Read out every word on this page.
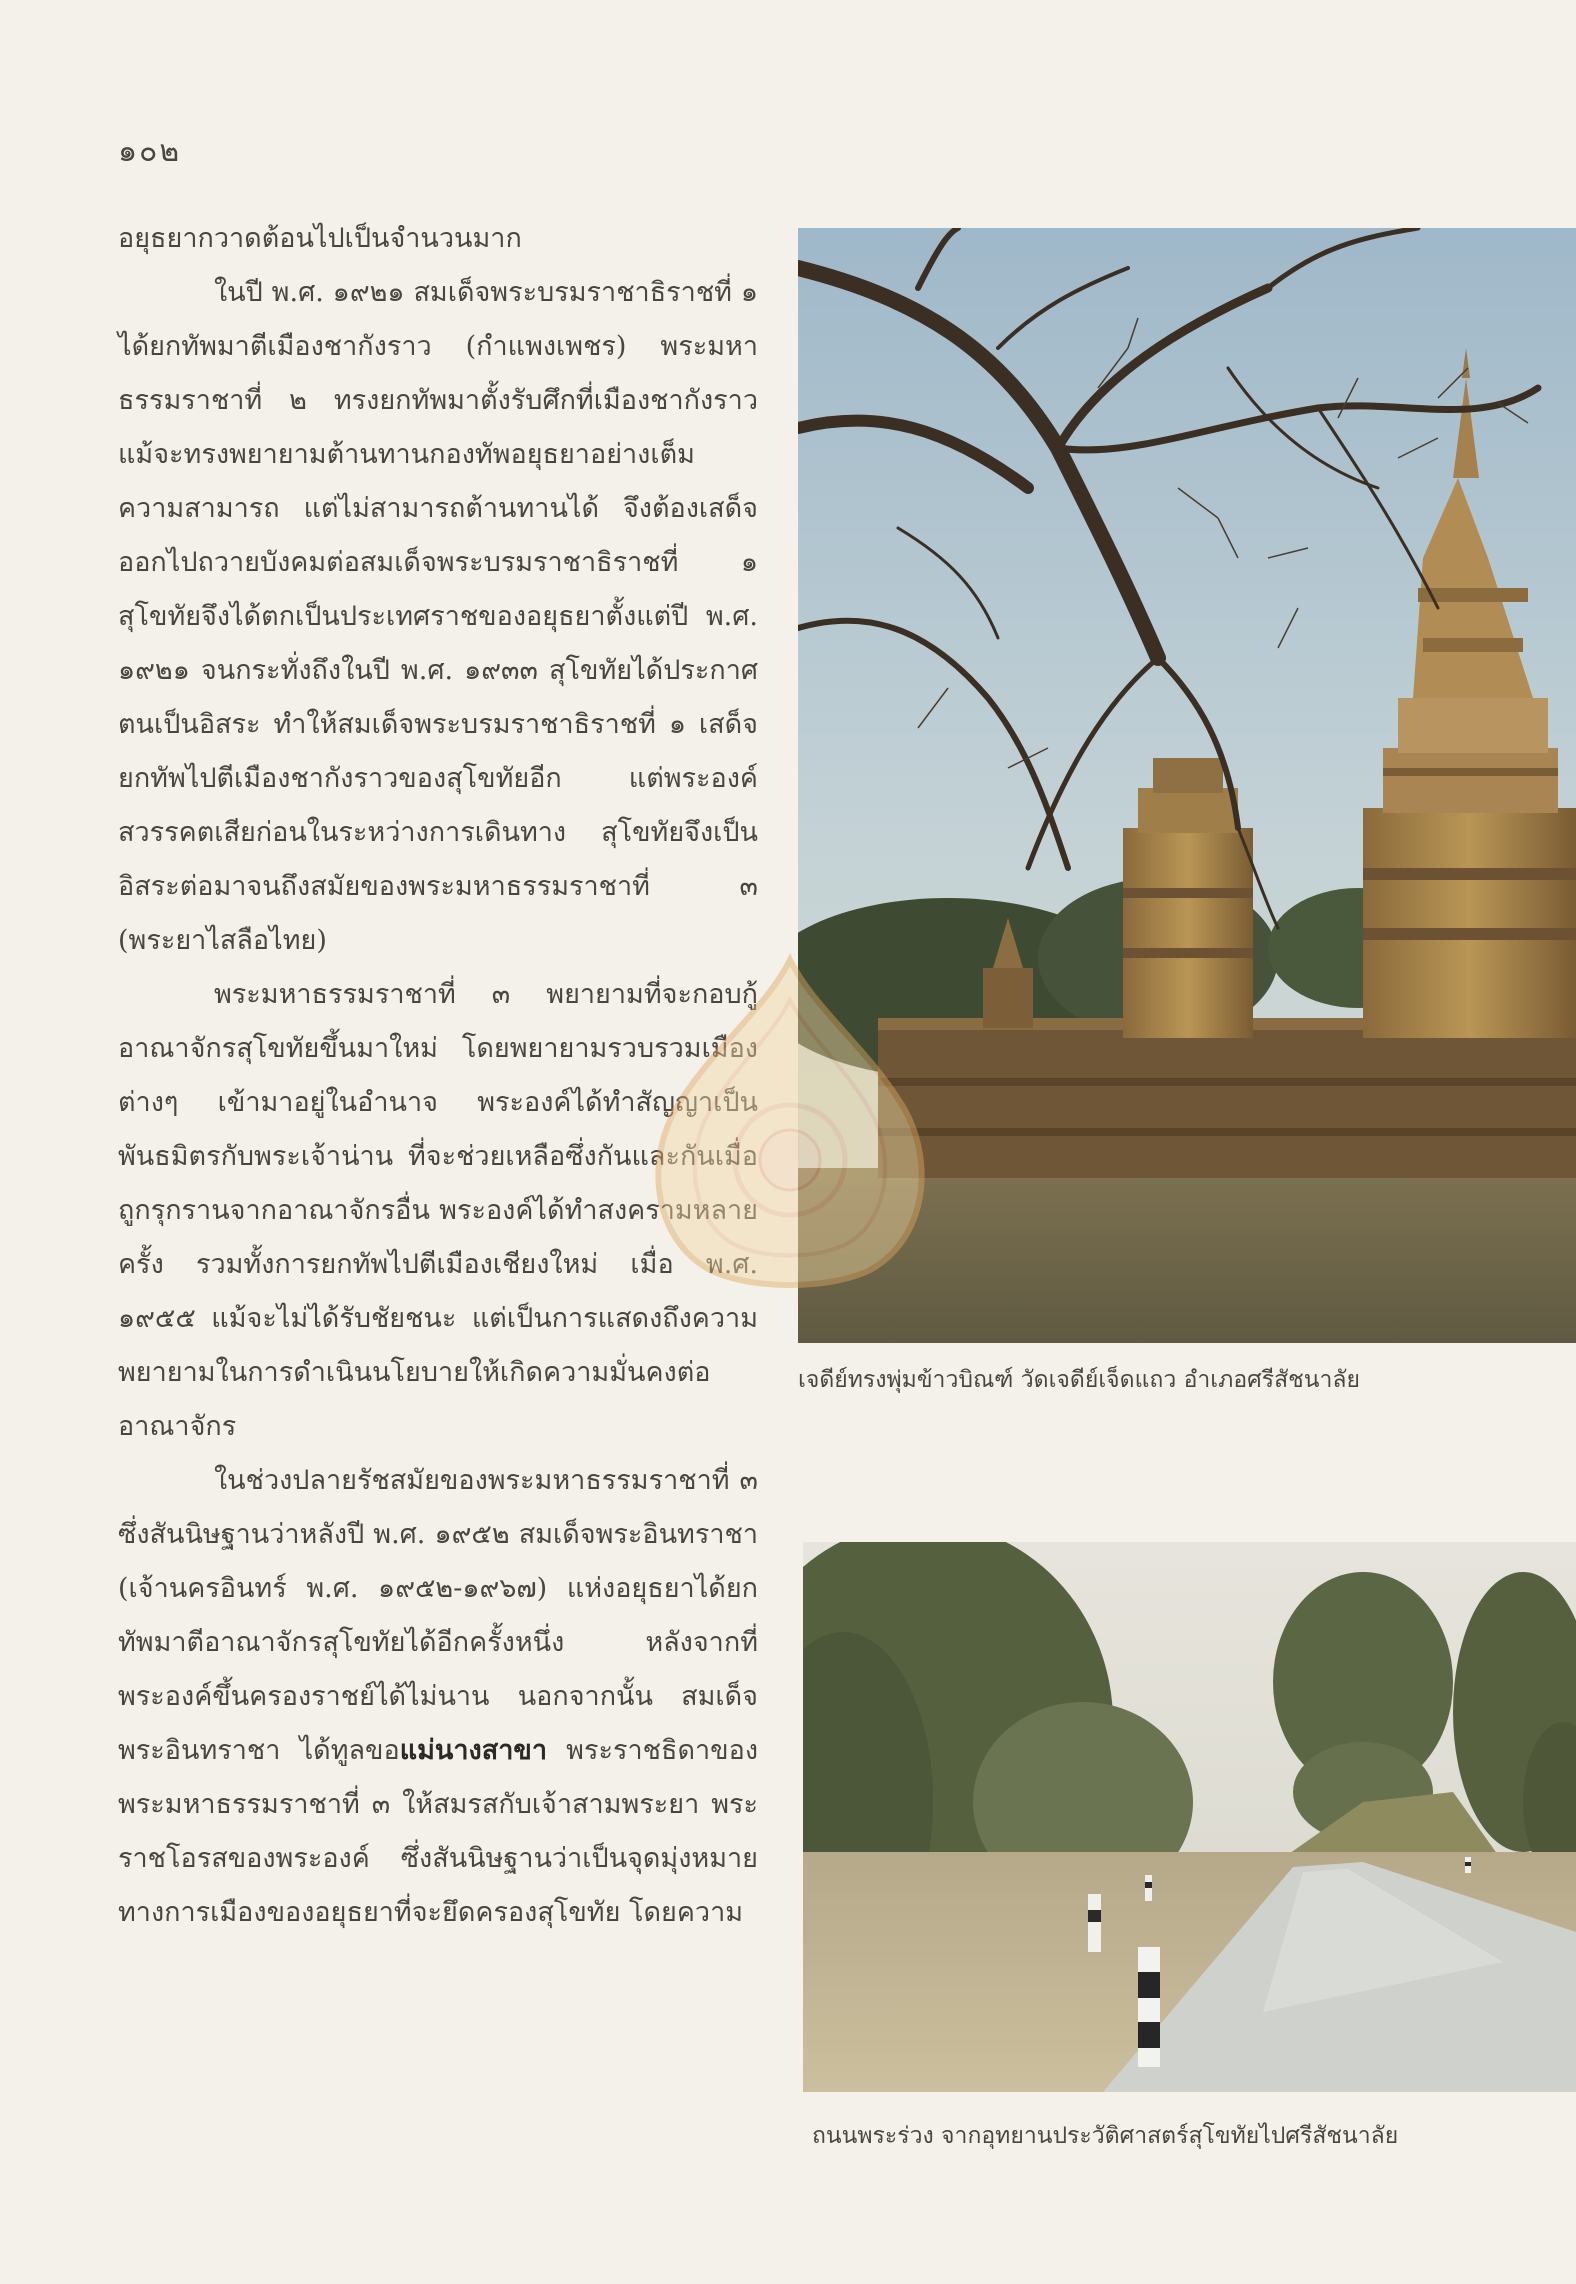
๑๐๒

อยุธยากวาดต้อนไปเป็นจำนวนมาก

ในปี พ.ศ. ๑๙๒๑ สมเด็จพระบรมราชาธิราชที่ ๑ ได้ยกทัพมาตีเมืองชากังราว (กำแพงเพชร) พระมหาธรรมราชาที่ ๒ ทรงยกทัพมาตั้งรับศึกที่เมืองชากังราว แม้จะทรงพยายามต้านทานกองทัพอยุธยาอย่างเต็มความสามารถ แต่ไม่สามารถต้านทานได้ จึงต้องเสด็จออกไปถวายบังคมต่อสมเด็จพระบรมราชาธิราชที่ ๑ สุโขทัยจึงได้ตกเป็นประเทศราชของอยุธยาตั้งแต่ปี พ.ศ. ๑๙๒๑ จนกระทั่งถึงในปี พ.ศ. ๑๙๓๓ สุโขทัยได้ประกาศตนเป็นอิสระ ทำให้สมเด็จพระบรมราชาธิราชที่ ๑ เสด็จยกทัพไปตีเมืองชากังราวของสุโขทัยอีก แต่พระองค์สวรรคตเสียก่อนในระหว่างการเดินทาง สุโขทัยจึงเป็นอิสระต่อมาจนถึงสมัยของพระมหาธรรมราชาที่ ๓ (พระยาไสลือไทย)

พระมหาธรรมราชาที่ ๓ พยายามที่จะกอบกู้อาณาจักรสุโขทัยขึ้นมาใหม่ โดยพยายามรวบรวมเมืองต่างๆ เข้ามาอยู่ในอำนาจ พระองค์ได้ทำสัญญาเป็นพันธมิตรกับพระเจ้าน่าน ที่จะช่วยเหลือซึ่งกันและกันเมื่อถูกรุกรานจากอาณาจักรอื่น พระองค์ได้ทำสงครามหลายครั้ง รวมทั้งการยกทัพไปตีเมืองเชียงใหม่ เมื่อ พ.ศ. ๑๙๕๕ แม้จะไม่ได้รับชัยชนะ แต่เป็นการแสดงถึงความพยายามในการดำเนินนโยบายให้เกิดความมั่นคงต่ออาณาจักร

ในช่วงปลายรัชสมัยของพระมหาธรรมราชาที่ ๓ ซึ่งสันนิษฐานว่าหลังปี พ.ศ. ๑๙๕๒ สมเด็จพระอินทราชา (เจ้านครอินทร์ พ.ศ. ๑๙๕๒-๑๙๖๗) แห่งอยุธยาได้ยกทัพมาตีอาณาจักรสุโขทัยได้อีกครั้งหนึ่ง หลังจากที่พระองค์ขึ้นครองราชย์ได้ไม่นาน นอกจากนั้น สมเด็จพระอินทราชา ได้ทูลขอแม่นางสาขา พระราชธิดาของพระมหาธรรมราชาที่ ๓ ให้สมรสกับเจ้าสามพระยา พระราชโอรสของพระองค์ ซึ่งสันนิษฐานว่าเป็นจุดมุ่งหมายทางการเมืองของอยุธยาที่จะยึดครองสุโขทัย โดยความ

เจดีย์ทรงพุ่มข้าวบิณฑ์ วัดเจดีย์เจ็ดแถว อำเภอศรีสัชนาลัย
ถนนพระร่วง จากอุทยานประวัติศาสตร์สุโขทัยไปศรีสัชนาลัย
